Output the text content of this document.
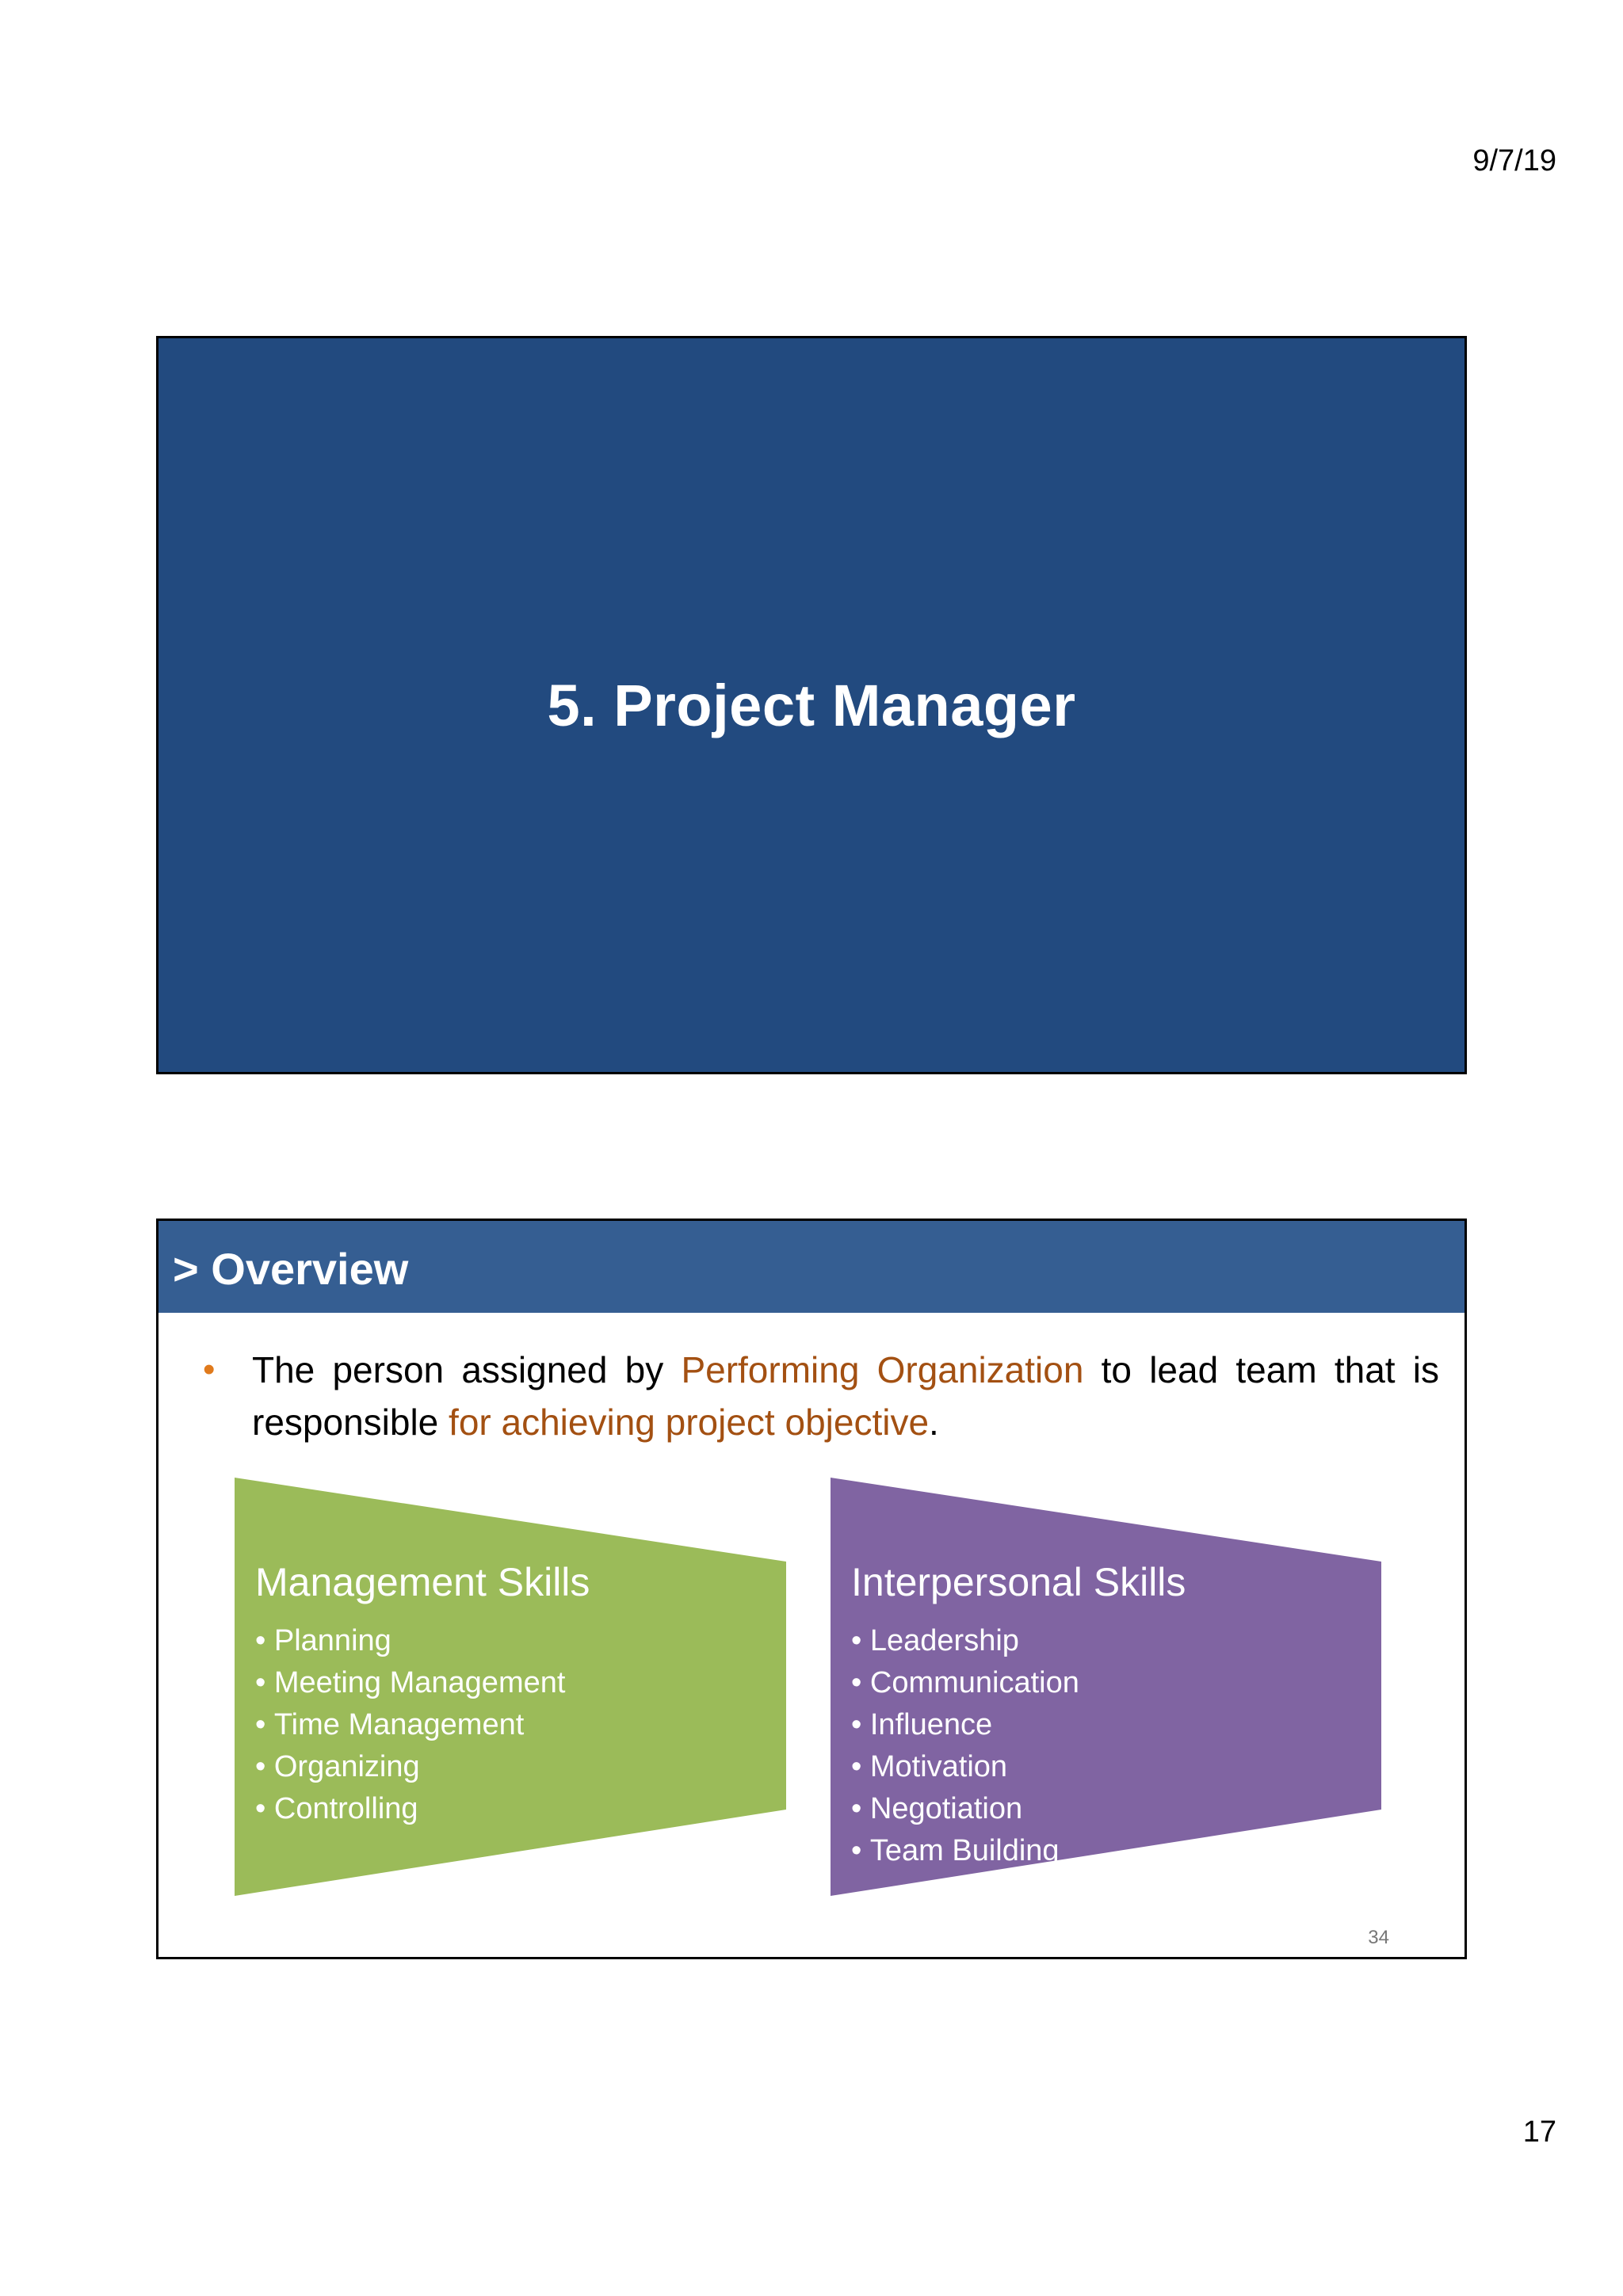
9/7/19
5. Project Manager
> Overview
• The person assigned by Performing Organization to lead team that is responsible for achieving project objective.
Management Skills
• Planning
• Meeting Management
• Time Management
• Organizing
• Controlling
Interpersonal Skills
• Leadership
• Communication
• Influence
• Motivation
• Negotiation
• Team Building
34
17
